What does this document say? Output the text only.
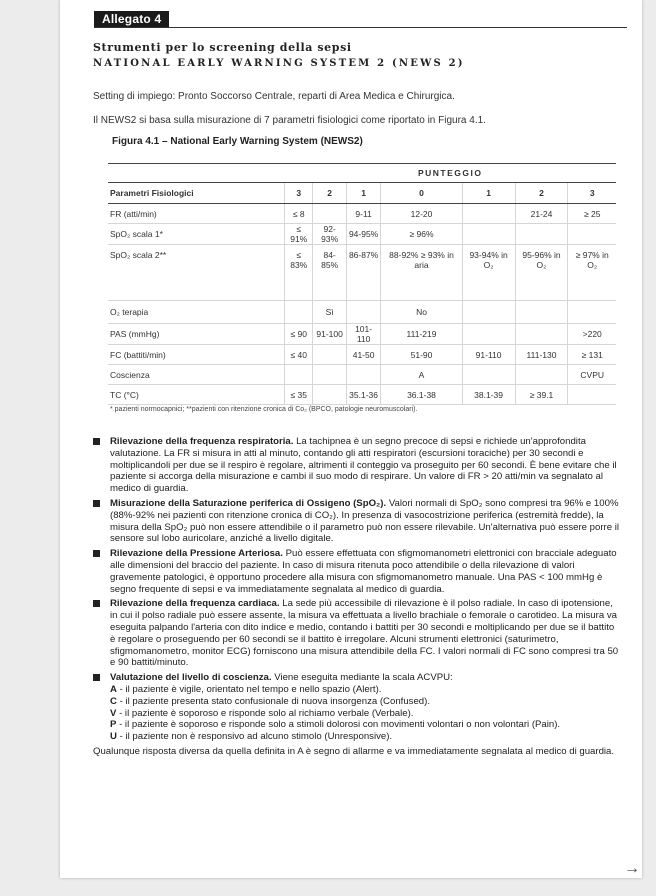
Allegato 4
Strumenti per lo screening della sepsi
NATIONAL EARLY WARNING SYSTEM 2 (NEWS 2)
Setting di impiego: Pronto Soccorso Centrale, reparti di Area Medica e Chirurgica.
Il NEWS2 si basa sulla misurazione di 7 parametri fisiologici come riportato in Figura 4.1.
Figura 4.1 – National Early Warning System (NEWS2)
	PUNTEGGIO						
Parametri Fisiologici	3	2	1	0	1	2	3
FR (atti/min)	≤ 8		9-11	12-20		21-24	≥ 25
SpO₂ scala 1*	≤ 91%	92-93%	94-95%	≥ 96%			
SpO₂ scala 2**	≤ 83%	84-85%	86-87%	88-92% ≥ 93% in aria	93-94% in O₂	95-96% in O₂	≥ 97% in O₂
O₂ terapia		Sì		No			
PAS (mmHg)	≤ 90	91-100	101-110	111-219			>220
FC (battiti/min)	≤ 40		41-50	51-90	91-110	111-130	≥ 131
Coscienza				A			CVPU
TC (°C)	≤ 35		35.1-36	36.1-38	38.1-39	≥ 39.1	
* pazienti normocapnici; **pazienti con ritenzione cronica di Co₂ (BPCO, patologie neuromuscolari).
Rilevazione della frequenza respiratoria. La tachipnea è un segno precoce di sepsi e richiede un'approfondita valutazione. La FR si misura in atti al minuto, contando gli atti respiratori (escursioni toraciche) per 30 secondi e moltiplicandoli per due se il respiro è regolare, altrimenti il conteggio va proseguito per 60 secondi. È bene evitare che il paziente si accorga della misurazione e cambi il suo modo di respirare. Un valore di FR > 20 atti/min va segnalato al medico di guardia.
Misurazione della Saturazione periferica di Ossigeno (SpO₂). Valori normali di SpO₂ sono compresi tra 96% e 100% (88%-92% nei pazienti con ritenzione cronica di CO₂). In presenza di vasocostrizione periferica (estremità fredde), la misura della SpO₂ può non essere attendibile o il parametro può non essere rilevabile. Un'alternativa può essere porre il sensore sul lobo auricolare, anziché a livello digitale.
Rilevazione della Pressione Arteriosa. Può essere effettuata con sfigmomanometri elettronici con bracciale adeguato alle dimensioni del braccio del paziente. In caso di misura ritenuta poco attendibile o della rilevazione di valori gravemente patologici, è opportuno procedere alla misura con sfigmomanometro manuale. Una PAS < 100 mmHg è segno frequente di sepsi e va immediatamente segnalata al medico di guardia.
Rilevazione della frequenza cardiaca. La sede più accessibile di rilevazione è il polso radiale. In caso di ipotensione, in cui il polso radiale può essere assente, la misura va effettuata a livello brachiale o femorale o carotideo. La misura va eseguita palpando l'arteria con dito indice e medio, contando i battiti per 30 secondi e moltiplicando per due se il battito è regolare o proseguendo per 60 secondi se il battito è irregolare. Alcuni strumenti elettronici (saturimetro, sfigmomanometro, monitor ECG) forniscono una misura attendibile della FC. I valori normali di FC sono compresi tra 50 e 90 battiti/minuto.
Valutazione del livello di coscienza. Viene eseguita mediante la scala ACVPU:
A - il paziente è vigile, orientato nel tempo e nello spazio (Alert).
C - il paziente presenta stato confusionale di nuova insorgenza (Confused).
V - il paziente è soporoso e risponde solo al richiamo verbale (Verbale).
P - il paziente è soporoso e risponde solo a stimoli dolorosi con movimenti volontari o non volontari (Pain).
U - il paziente non è responsivo ad alcuno stimolo (Unresponsive).
Qualunque risposta diversa da quella definita in A è segno di allarme e va immediatamente segnalata al medico di guardia.
→
